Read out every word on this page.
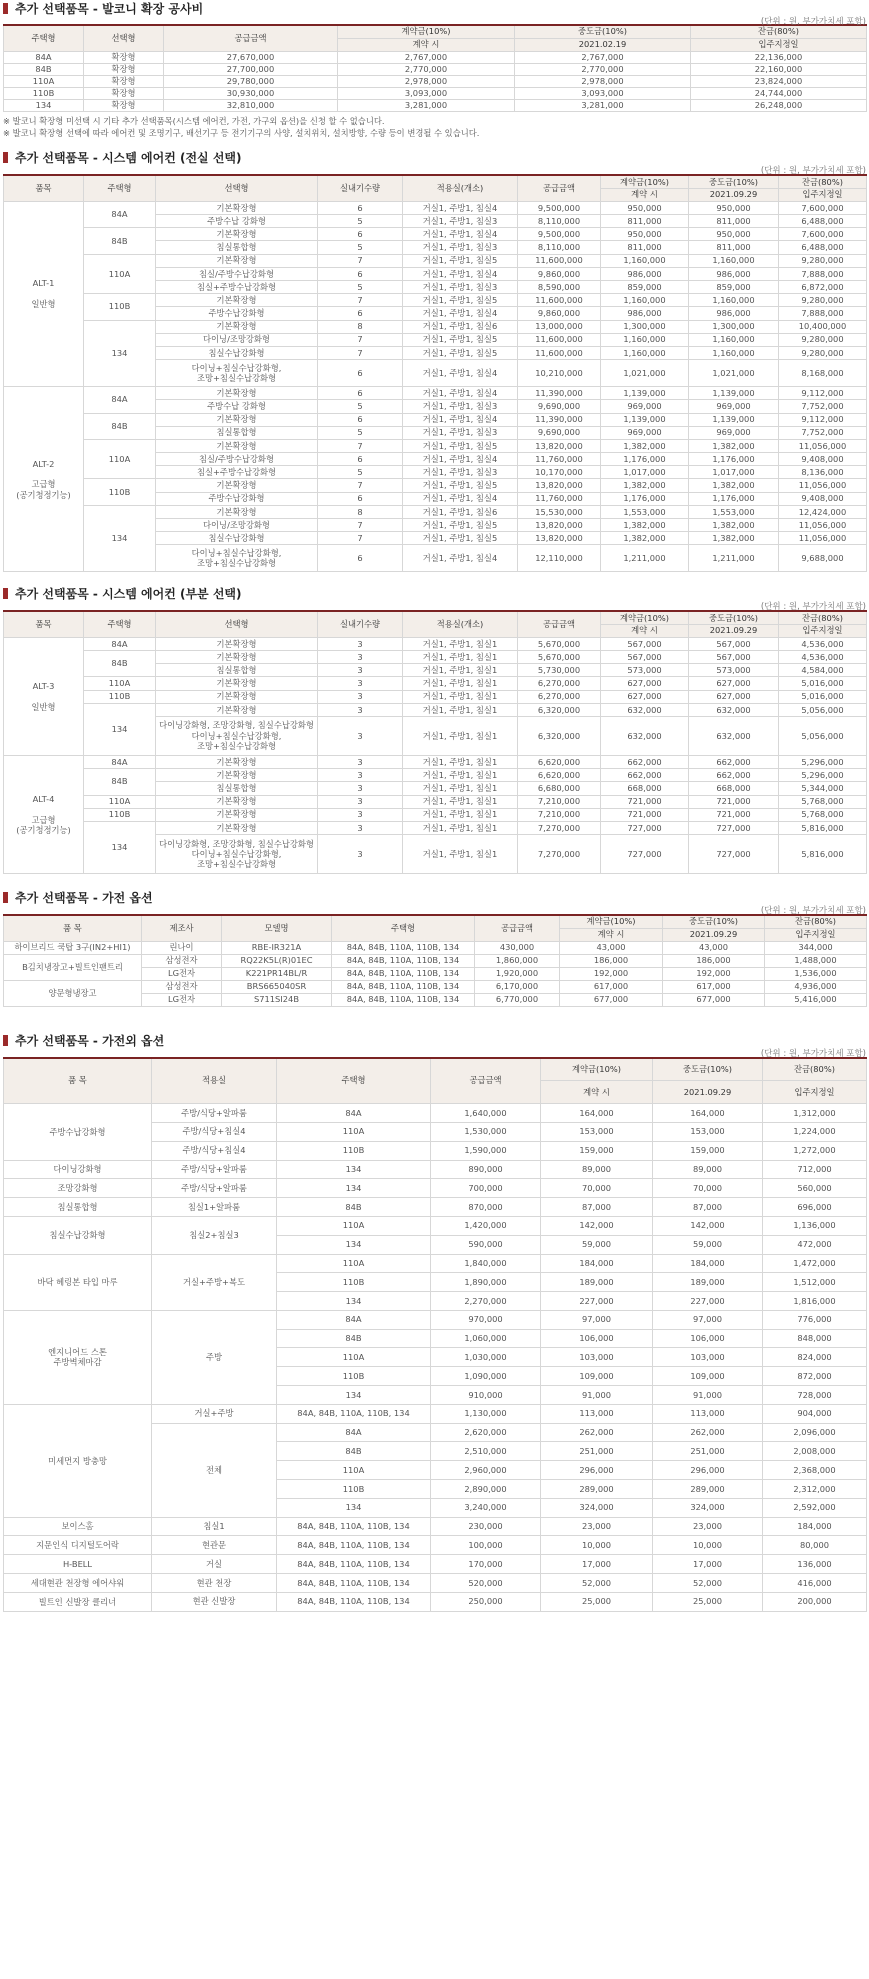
추가 선택품목 - 발코니 확장 공사비
(단위 : 원, 부가가치세 포함)
주택형	선택형	공급금액	계약금(10%)	중도금(10%)	잔금(80%)
			계약 시	2021.02.19	입주지정일
84A	확장형	27,670,000	2,767,000	2,767,000	22,136,000
84B	확장형	27,700,000	2,770,000	2,770,000	22,160,000
110A	확장형	29,780,000	2,978,000	2,978,000	23,824,000
110B	확장형	30,930,000	3,093,000	3,093,000	24,744,000
134	확장형	32,810,000	3,281,000	3,281,000	26,248,000
※ 발코니 확장형 미선택 시 기타 추가 선택품목(시스템 에어컨, 가전, 가구외 옵션)을 신청 할 수 없습니다.
※ 발코니 확장형 선택에 따라 에어컨 및 조명기구, 배선기구 등 전기기구의 사양, 설치위치, 설치방향, 수량 등이 변경될 수 있습니다.
추가 선택품목 - 시스템 에어컨 (전실 선택)
(단위 : 원, 부가가치세 포함)
품목	주택형	선택형	실내기수량	적용실(개소)	공급금액	계약금(10%)	중도금(10%)	잔금(80%)
						계약 시	2021.09.29	입주지정일
ALT-1

일반형	84A	기본확장형	6	거실1, 주방1, 침실4	9,500,000	950,000	950,000	7,600,000
		주방수납 강화형	5	거실1, 주방1, 침실3	8,110,000	811,000	811,000	6,488,000
	84B	기본확장형	6	거실1, 주방1, 침실4	9,500,000	950,000	950,000	7,600,000
		침실통합형	5	거실1, 주방1, 침실3	8,110,000	811,000	811,000	6,488,000
	110A	기본확장형	7	거실1, 주방1, 침실5	11,600,000	1,160,000	1,160,000	9,280,000
		침실/주방수납강화형	6	거실1, 주방1, 침실4	9,860,000	986,000	986,000	7,888,000
		침실+주방수납강화형	5	거실1, 주방1, 침실3	8,590,000	859,000	859,000	6,872,000
	110B	기본확장형	7	거실1, 주방1, 침실5	11,600,000	1,160,000	1,160,000	9,280,000
		주방수납강화형	6	거실1, 주방1, 침실4	9,860,000	986,000	986,000	7,888,000
	134	기본확장형	8	거실1, 주방1, 침실6	13,000,000	1,300,000	1,300,000	10,400,000
		다이닝/조망강화형	7	거실1, 주방1, 침실5	11,600,000	1,160,000	1,160,000	9,280,000
		침실수납강화형	7	거실1, 주방1, 침실5	11,600,000	1,160,000	1,160,000	9,280,000
		다이닝+침실수납강화형,
조망+침실수납강화형	6	거실1, 주방1, 침실4	10,210,000	1,021,000	1,021,000	8,168,000
ALT-2

고급형
(공기청정기능)	84A	기본확장형	6	거실1, 주방1, 침실4	11,390,000	1,139,000	1,139,000	9,112,000
		주방수납 강화형	5	거실1, 주방1, 침실3	9,690,000	969,000	969,000	7,752,000
	84B	기본확장형	6	거실1, 주방1, 침실4	11,390,000	1,139,000	1,139,000	9,112,000
		침실통합형	5	거실1, 주방1, 침실3	9,690,000	969,000	969,000	7,752,000
	110A	기본확장형	7	거실1, 주방1, 침실5	13,820,000	1,382,000	1,382,000	11,056,000
		침실/주방수납강화형	6	거실1, 주방1, 침실4	11,760,000	1,176,000	1,176,000	9,408,000
		침실+주방수납강화형	5	거실1, 주방1, 침실3	10,170,000	1,017,000	1,017,000	8,136,000
	110B	기본확장형	7	거실1, 주방1, 침실5	13,820,000	1,382,000	1,382,000	11,056,000
		주방수납강화형	6	거실1, 주방1, 침실4	11,760,000	1,176,000	1,176,000	9,408,000
	134	기본확장형	8	거실1, 주방1, 침실6	15,530,000	1,553,000	1,553,000	12,424,000
		다이닝/조망강화형	7	거실1, 주방1, 침실5	13,820,000	1,382,000	1,382,000	11,056,000
		침실수납강화형	7	거실1, 주방1, 침실5	13,820,000	1,382,000	1,382,000	11,056,000
		다이닝+침실수납강화형,
조망+침실수납강화형	6	거실1, 주방1, 침실4	12,110,000	1,211,000	1,211,000	9,688,000
추가 선택품목 - 시스템 에어컨 (부분 선택)
(단위 : 원, 부가가치세 포함)
품목	주택형	선택형	실내기수량	적용실(개소)	공급금액	계약금(10%)	중도금(10%)	잔금(80%)
						계약 시	2021.09.29	입주지정일
ALT-3

일반형	84A	기본확장형	3	거실1, 주방1, 침실1	5,670,000	567,000	567,000	4,536,000
	84B	기본확장형	3	거실1, 주방1, 침실1	5,670,000	567,000	567,000	4,536,000
		침실통합형	3	거실1, 주방1, 침실1	5,730,000	573,000	573,000	4,584,000
	110A	기본확장형	3	거실1, 주방1, 침실1	6,270,000	627,000	627,000	5,016,000
	110B	기본확장형	3	거실1, 주방1, 침실1	6,270,000	627,000	627,000	5,016,000
	134	기본확장형	3	거실1, 주방1, 침실1	6,320,000	632,000	632,000	5,056,000
		다이닝강화형, 조망강화형, 침실수납강화형
다이닝+침실수납강화형,
조망+침실수납강화형	3	거실1, 주방1, 침실1	6,320,000	632,000	632,000	5,056,000
ALT-4

고급형
(공기청정기능)	84A	기본확장형	3	거실1, 주방1, 침실1	6,620,000	662,000	662,000	5,296,000
	84B	기본확장형	3	거실1, 주방1, 침실1	6,620,000	662,000	662,000	5,296,000
		침실통합형	3	거실1, 주방1, 침실1	6,680,000	668,000	668,000	5,344,000
	110A	기본확장형	3	거실1, 주방1, 침실1	7,210,000	721,000	721,000	5,768,000
	110B	기본확장형	3	거실1, 주방1, 침실1	7,210,000	721,000	721,000	5,768,000
	134	기본확장형	3	거실1, 주방1, 침실1	7,270,000	727,000	727,000	5,816,000
		다이닝강화형, 조망강화형, 침실수납강화형
다이닝+침실수납강화형,
조망+침실수납강화형	3	거실1, 주방1, 침실1	7,270,000	727,000	727,000	5,816,000
추가 선택품목 - 가전 옵션
(단위 : 원, 부가가치세 포함)
품 목	제조사	모델명	주택형	공급금액	계약금(10%)	중도금(10%)	잔금(80%)
					계약 시	2021.09.29	입주지정일
하이브리드 쿡탑 3구(IN2+HI1)	린나이	RBE-IR321A	84A, 84B, 110A, 110B, 134	430,000	43,000	43,000	344,000
B김치냉장고+빌트인팬트리	삼성전자	RQ22K5L(R)01EC	84A, 84B, 110A, 110B, 134	1,860,000	186,000	186,000	1,488,000
	LG전자	K221PR14BL/R	84A, 84B, 110A, 110B, 134	1,920,000	192,000	192,000	1,536,000
양문형냉장고	삼성전자	BRS665040SR	84A, 84B, 110A, 110B, 134	6,170,000	617,000	617,000	4,936,000
	LG전자	S711SI24B	84A, 84B, 110A, 110B, 134	6,770,000	677,000	677,000	5,416,000
추가 선택품목 - 가전외 옵션
(단위 : 원, 부가가치세 포함)
품 목	적용실	주택형	공급금액	계약금(10%)	중도금(10%)	잔금(80%)
				계약 시	2021.09.29	입주지정일
주방수납강화형	주방/식당+알파룸	84A	1,640,000	164,000	164,000	1,312,000
	주방/식당+침실4	110A	1,530,000	153,000	153,000	1,224,000
	주방/식당+침실4	110B	1,590,000	159,000	159,000	1,272,000
다이닝강화형	주방/식당+알파룸	134	890,000	89,000	89,000	712,000
조망강화형	주방/식당+알파룸	134	700,000	70,000	70,000	560,000
침실통합형	침실1+알파룸	84B	870,000	87,000	87,000	696,000
침실수납강화형	침실2+침실3	110A	1,420,000	142,000	142,000	1,136,000
		134	590,000	59,000	59,000	472,000
바닥 헤링본 타입 마루	거실+주방+복도	110A	1,840,000	184,000	184,000	1,472,000
		110B	1,890,000	189,000	189,000	1,512,000
		134	2,270,000	227,000	227,000	1,816,000
엔지니어드 스톤
주방벽체마감	주방	84A	970,000	97,000	97,000	776,000
		84B	1,060,000	106,000	106,000	848,000
		110A	1,030,000	103,000	103,000	824,000
		110B	1,090,000	109,000	109,000	872,000
		134	910,000	91,000	91,000	728,000
미세먼지 방충망	거실+주방	84A, 84B, 110A, 110B, 134	1,130,000	113,000	113,000	904,000
	전체	84A	2,620,000	262,000	262,000	2,096,000
		84B	2,510,000	251,000	251,000	2,008,000
		110A	2,960,000	296,000	296,000	2,368,000
		110B	2,890,000	289,000	289,000	2,312,000
		134	3,240,000	324,000	324,000	2,592,000
보이스홈	침실1	84A, 84B, 110A, 110B, 134	230,000	23,000	23,000	184,000
지문인식 디지털도어락	현관문	84A, 84B, 110A, 110B, 134	100,000	10,000	10,000	80,000
H-BELL	거실	84A, 84B, 110A, 110B, 134	170,000	17,000	17,000	136,000
세대현관 천장형 에어샤워	현관 천장	84A, 84B, 110A, 110B, 134	520,000	52,000	52,000	416,000
빌트인 신발장 클리너	현관 신발장	84A, 84B, 110A, 110B, 134	250,000	25,000	25,000	200,000
